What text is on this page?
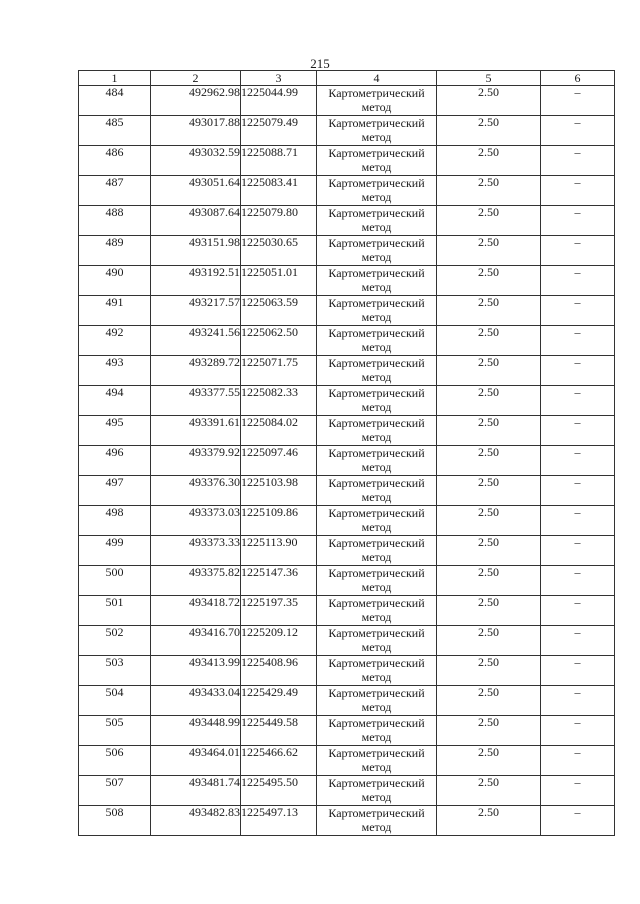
215
1	2	3	4	5	6
484	492962.98	1225044.99	Картометрический метод	2.50	–
485	493017.88	1225079.49	Картометрический метод	2.50	–
486	493032.59	1225088.71	Картометрический метод	2.50	–
487	493051.64	1225083.41	Картометрический метод	2.50	–
488	493087.64	1225079.80	Картометрический метод	2.50	–
489	493151.98	1225030.65	Картометрический метод	2.50	–
490	493192.51	1225051.01	Картометрический метод	2.50	–
491	493217.57	1225063.59	Картометрический метод	2.50	–
492	493241.56	1225062.50	Картометрический метод	2.50	–
493	493289.72	1225071.75	Картометрический метод	2.50	–
494	493377.55	1225082.33	Картометрический метод	2.50	–
495	493391.61	1225084.02	Картометрический метод	2.50	–
496	493379.92	1225097.46	Картометрический метод	2.50	–
497	493376.30	1225103.98	Картометрический метод	2.50	–
498	493373.03	1225109.86	Картометрический метод	2.50	–
499	493373.33	1225113.90	Картометрический метод	2.50	–
500	493375.82	1225147.36	Картометрический метод	2.50	–
501	493418.72	1225197.35	Картометрический метод	2.50	–
502	493416.70	1225209.12	Картометрический метод	2.50	–
503	493413.99	1225408.96	Картометрический метод	2.50	–
504	493433.04	1225429.49	Картометрический метод	2.50	–
505	493448.99	1225449.58	Картометрический метод	2.50	–
506	493464.01	1225466.62	Картометрический метод	2.50	–
507	493481.74	1225495.50	Картометрический метод	2.50	–
508	493482.83	1225497.13	Картометрический метод	2.50	–
